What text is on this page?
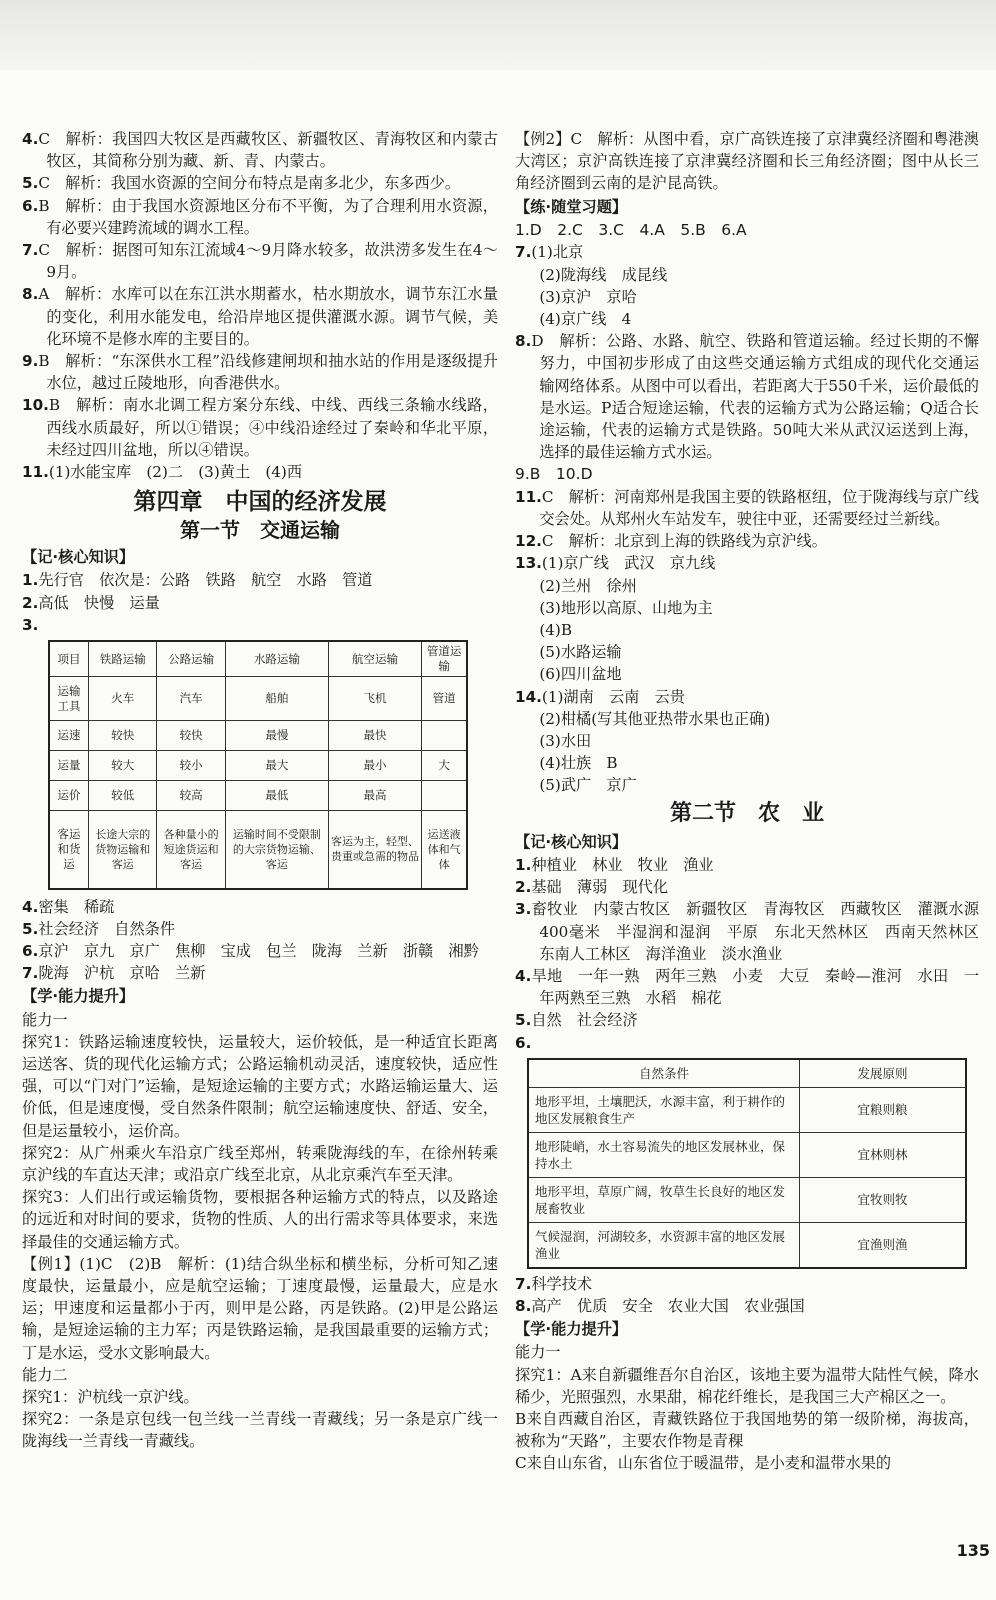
4.C　解析：我国四大牧区是西藏牧区、新疆牧区、青海牧区和内蒙古牧区，其简称分别为藏、新、青、内蒙古。
5.C　解析：我国水资源的空间分布特点是南多北少，东多西少。
6.B　解析：由于我国水资源地区分布不平衡，为了合理利用水资源，有必要兴建跨流域的调水工程。
7.C　解析：据图可知东江流域4～9月降水较多，故洪涝多发生在4～9月。
8.A　解析：水库可以在东江洪水期蓄水，枯水期放水，调节东江水量的变化，利用水能发电，给沿岸地区提供灌溉水源。调节气候，美化环境不是修水库的主要目的。
9.B　解析：“东深供水工程”沿线修建闸坝和抽水站的作用是逐级提升水位，越过丘陵地形，向香港供水。
10.B　解析：南水北调工程方案分东线、中线、西线三条输水线路，西线水质最好，所以①错误；④中线沿途经过了秦岭和华北平原，未经过四川盆地，所以④错误。
11.(1)水能宝库　(2)二　(3)黄土　(4)西
第四章　中国的经济发展
第一节　交通运输
【记·核心知识】
1.先行官　依次是：公路　铁路　航空　水路　管道
2.高低　快慢　运量
3.
项目	铁路运输	公路运输	水路运输	航空运输	管道运输
运输工具	火车	汽车	船舶	飞机	管道
运速	较快	较快	最慢	最快	
运量	较大	较小	最大	最小	大
运价	较低	较高	最低	最高	
客运和货运	长途大宗的货物运输和客运	各种量小的短途货运和客运	运输时间不受限制的大宗货物运输、客运	客运为主，轻型、贵重或急需的物品	运送液体和气体
4.密集　稀疏
5.社会经济　自然条件
6.京沪　京九　京广　焦柳　宝成　包兰　陇海　兰新　浙赣　湘黔
7.陇海　沪杭　京哈　兰新
【学·能力提升】
能力一
探究1：铁路运输速度较快，运量较大，运价较低，是一种适宜长距离运送客、货的现代化运输方式；公路运输机动灵活，速度较快，适应性强，可以“门对门”运输，是短途运输的主要方式；水路运输运量大、运价低，但是速度慢，受自然条件限制；航空运输速度快、舒适、安全，但是运量较小，运价高。
探究2：从广州乘火车沿京广线至郑州，转乘陇海线的车，在徐州转乘京沪线的车直达天津；或沿京广线至北京，从北京乘汽车至天津。
探究3：人们出行或运输货物，要根据各种运输方式的特点，以及路途的远近和对时间的要求，货物的性质、人的出行需求等具体要求，来选择最佳的交通运输方式。
【例1】(1)C　(2)B　解析：(1)结合纵坐标和横坐标，分析可知乙速度最快，运量最小，应是航空运输；丁速度最慢，运量最大，应是水运；甲速度和运量都小于丙，则甲是公路，丙是铁路。(2)甲是公路运输，是短途运输的主力军；丙是铁路运输，是我国最重要的运输方式；丁是水运，受水文影响最大。
能力二
探究1：沪杭线一京沪线。
探究2：一条是京包线一包兰线一兰青线一青藏线；另一条是京广线一陇海线一兰青线一青藏线。
【例2】C　解析：从图中看，京广高铁连接了京津冀经济圈和粤港澳大湾区；京沪高铁连接了京津冀经济圈和长三角经济圈；图中从长三角经济圈到云南的是沪昆高铁。
【练·随堂习题】
1.D　2.C　3.C　4.A　5.B　6.A
7.(1)北京
(2)陇海线　成昆线
(3)京沪　京哈
(4)京广线　4
8.D　解析：公路、水路、航空、铁路和管道运输。经过长期的不懈努力，中国初步形成了由这些交通运输方式组成的现代化交通运输网络体系。从图中可以看出，若距离大于550千米，运价最低的是水运。P适合短途运输，代表的运输方式为公路运输；Q适合长途运输，代表的运输方式是铁路。50吨大米从武汉运送到上海，选择的最佳运输方式水运。
9.B　10.D
11.C　解析：河南郑州是我国主要的铁路枢纽，位于陇海线与京广线交会处。从郑州火车站发车，驶往中亚，还需要经过兰新线。
12.C　解析：北京到上海的铁路线为京沪线。
13.(1)京广线　武汉　京九线
(2)兰州　徐州
(3)地形以高原、山地为主
(4)B
(5)水路运输
(6)四川盆地
14.(1)湖南　云南　云贵
(2)柑橘(写其他亚热带水果也正确)
(3)水田
(4)壮族　B
(5)武广　京广
第二节　农　业
【记·核心知识】
1.种植业　林业　牧业　渔业
2.基础　薄弱　现代化
3.畜牧业　内蒙古牧区　新疆牧区　青海牧区　西藏牧区　灌溉水源　400毫米　半湿润和湿润　平原　东北天然林区　西南天然林区　东南人工林区　海洋渔业　淡水渔业
4.旱地　一年一熟　两年三熟　小麦　大豆　秦岭—淮河　水田　一年两熟至三熟　水稻　棉花
5.自然　社会经济
6.
自然条件	发展原则
地形平坦，土壤肥沃，水源丰富，利于耕作的地区发展粮食生产	宜粮则粮
地形陡峭，水土容易流失的地区发展林业，保持水土	宜林则林
地形平坦，草原广阔，牧草生长良好的地区发展畜牧业	宜牧则牧
气候湿润，河湖较多，水资源丰富的地区发展渔业	宜渔则渔
7.科学技术
8.高产　优质　安全　农业大国　农业强国
【学·能力提升】
能力一
探究1：A来自新疆维吾尔自治区，该地主要为温带大陆性气候，降水稀少，光照强烈，水果甜，棉花纤维长，是我国三大产棉区之一。
B来自西藏自治区，青藏铁路位于我国地势的第一级阶梯，海拔高，被称为“天路”，主要农作物是青稞
C来自山东省，山东省位于暖温带，是小麦和温带水果的
135
